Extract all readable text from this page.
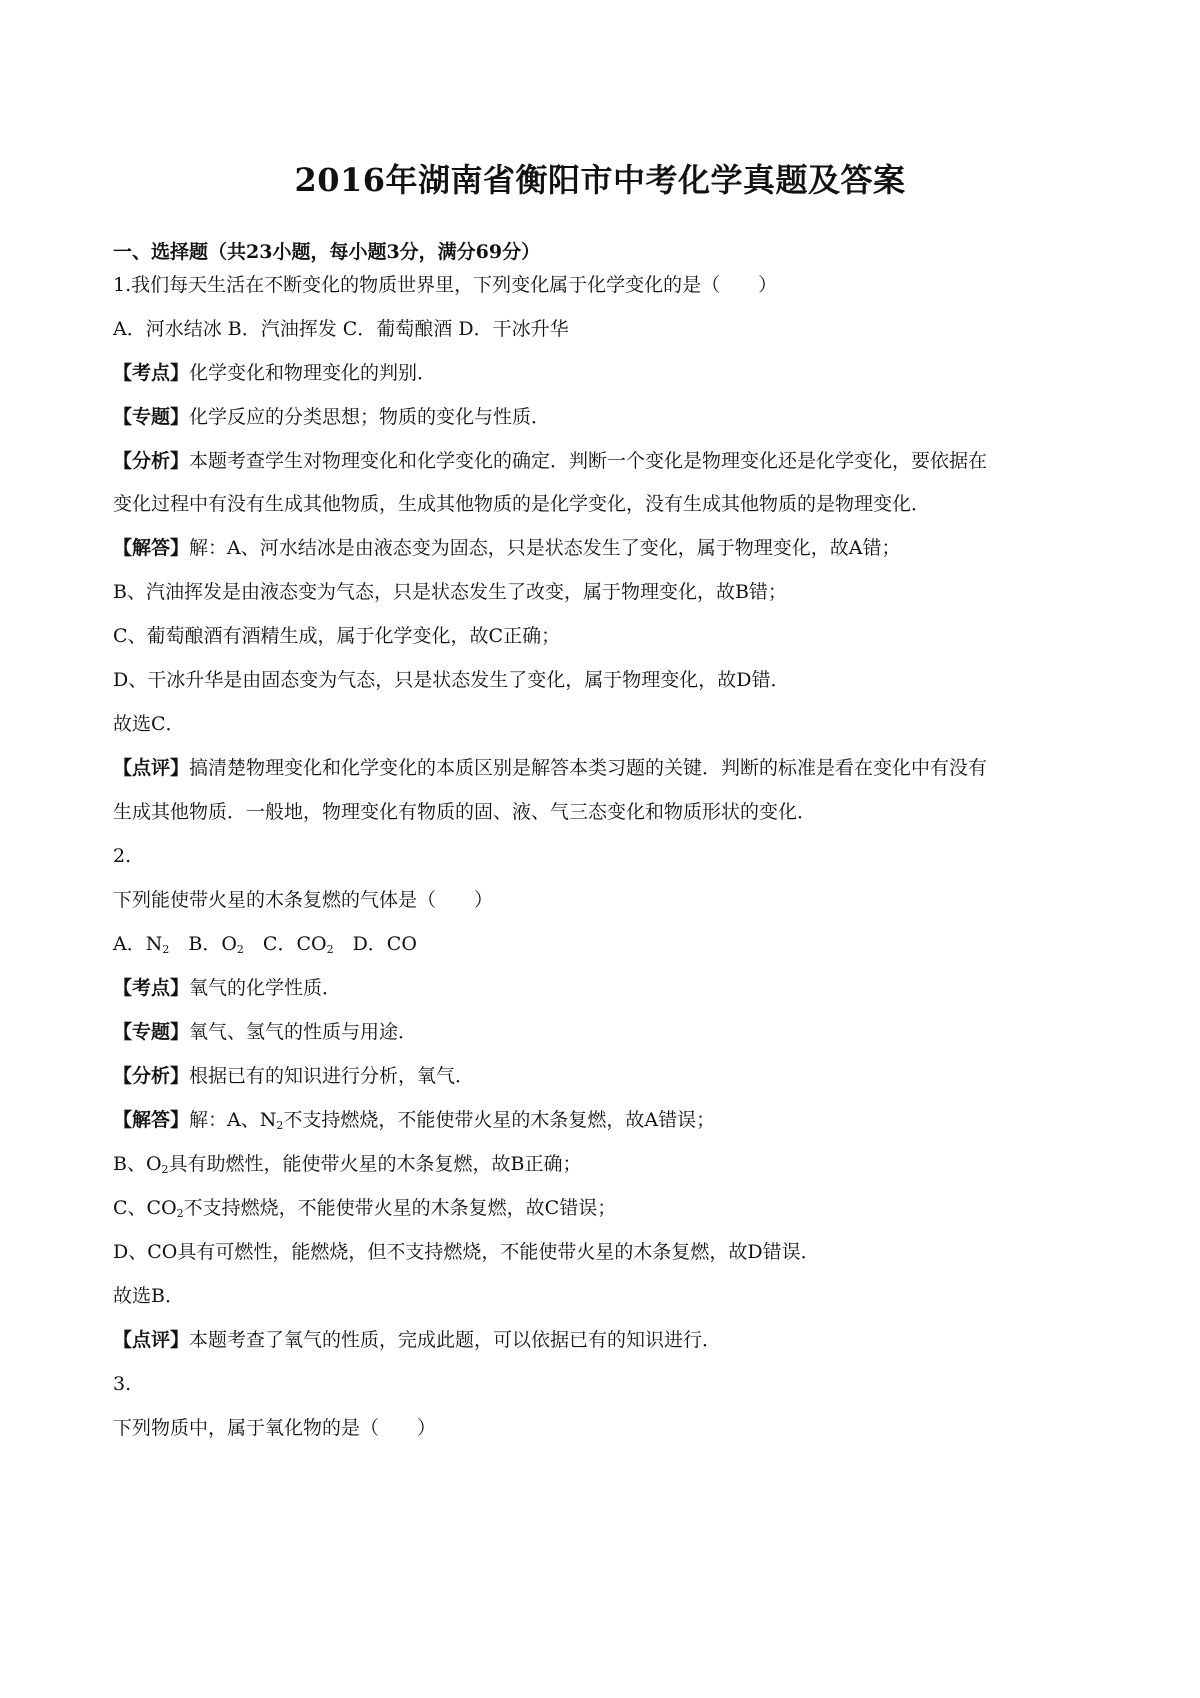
2016年湖南省衡阳市中考化学真题及答案

一、选择题（共23小题，每小题3分，满分69分）

1.我们每天生活在不断变化的物质世界里，下列变化属于化学变化的是（　　）

A．河水结冰 B．汽油挥发 C．葡萄酿酒 D．干冰升华

【考点】化学变化和物理变化的判别．

【专题】化学反应的分类思想；物质的变化与性质．

【分析】本题考查学生对物理变化和化学变化的确定．判断一个变化是物理变化还是化学变化，要依据在

变化过程中有没有生成其他物质，生成其他物质的是化学变化，没有生成其他物质的是物理变化．

【解答】解：A、河水结冰是由液态变为固态，只是状态发生了变化，属于物理变化，故A错；

B、汽油挥发是由液态变为气态，只是状态发生了改变，属于物理变化，故B错；

C、葡萄酿酒有酒精生成，属于化学变化，故C正确；

D、干冰升华是由固态变为气态，只是状态发生了变化，属于物理变化，故D错．

故选C．

【点评】搞清楚物理变化和化学变化的本质区别是解答本类习题的关键．判断的标准是看在变化中有没有

生成其他物质．一般地，物理变化有物质的固、液、气三态变化和物质形状的变化．

2.

下列能使带火星的木条复燃的气体是（　　）

A．$N_2$　B．$O_2$　C．$CO_2$　D．CO

【考点】氧气的化学性质．

【专题】氧气、氢气的性质与用途．

【分析】根据已有的知识进行分析，氧气．

【解答】解：A、$N_2$不支持燃烧，不能使带火星的木条复燃，故A错误；

B、$O_2$具有助燃性，能使带火星的木条复燃，故B正确；

C、$CO_2$不支持燃烧，不能使带火星的木条复燃，故C错误；

D、CO具有可燃性，能燃烧，但不支持燃烧，不能使带火星的木条复燃，故D错误．

故选B．

【点评】本题考查了氧气的性质，完成此题，可以依据已有的知识进行．

3.

下列物质中，属于氧化物的是（　　）
